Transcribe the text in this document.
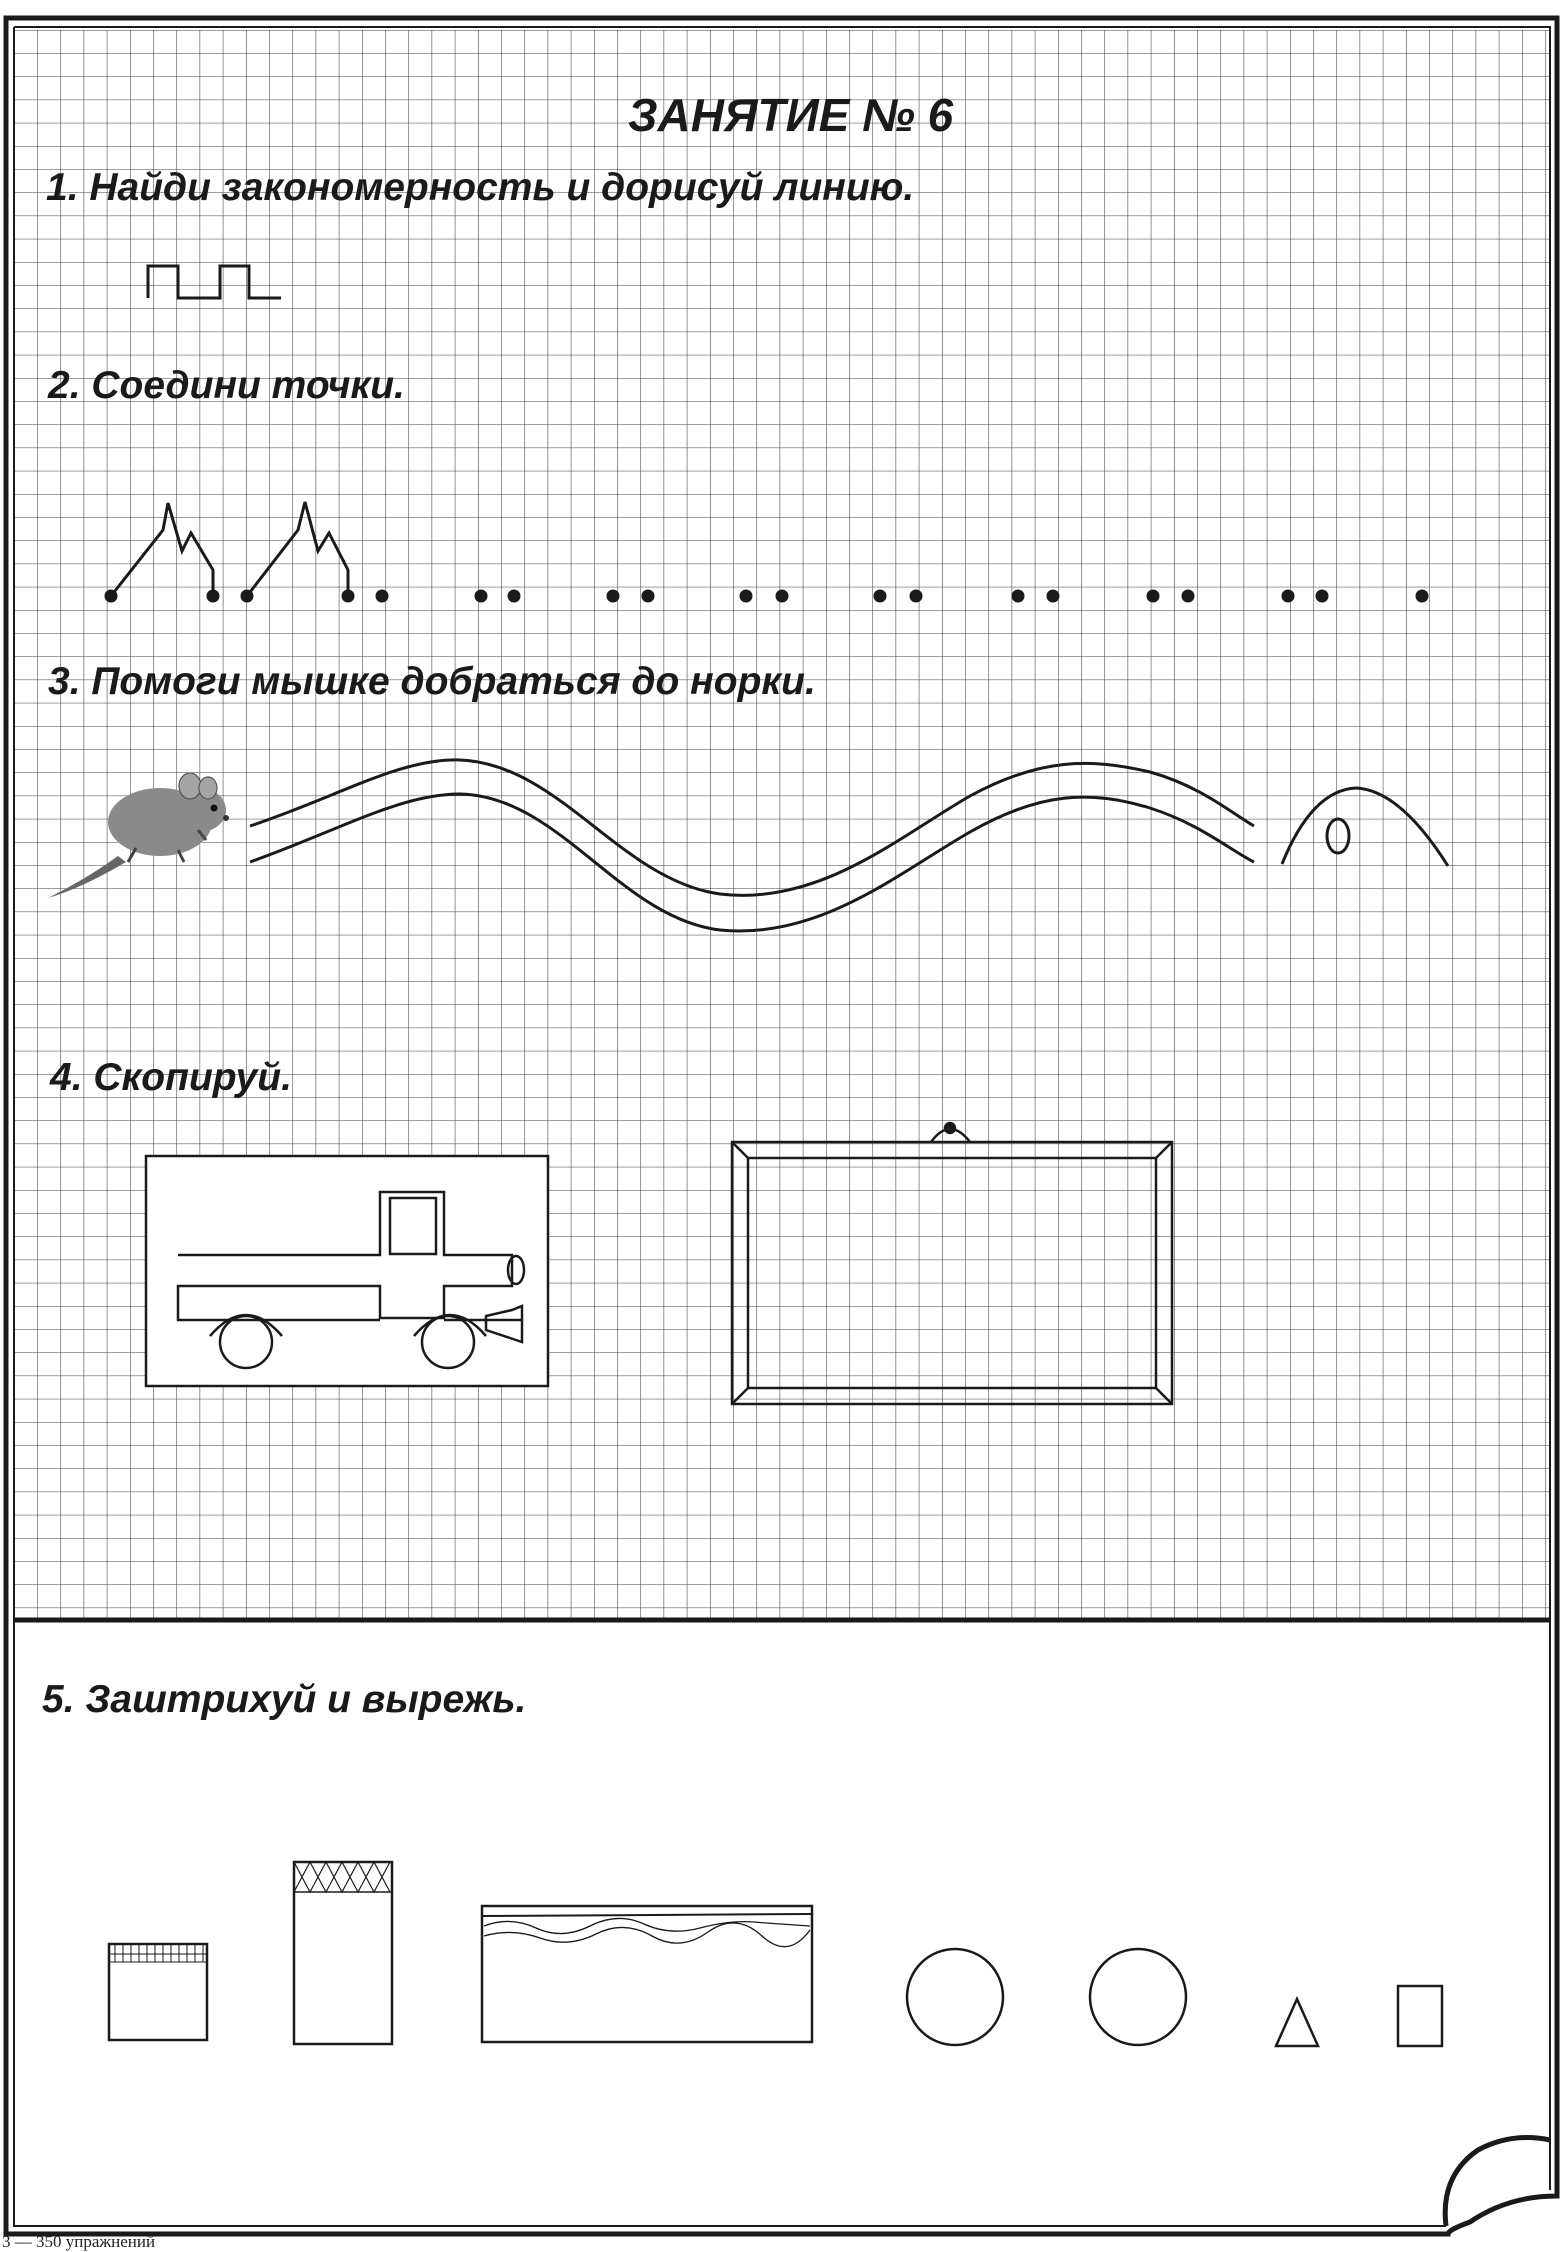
ЗАНЯТИЕ № 6

1. Найди закономерность и дорисуй линию.

2. Соедини точки.

3. Помоги мышке добраться до норки.

4. Скопируй.

5. Заштрихуй и вырежь.

3 — 350 упражнений
